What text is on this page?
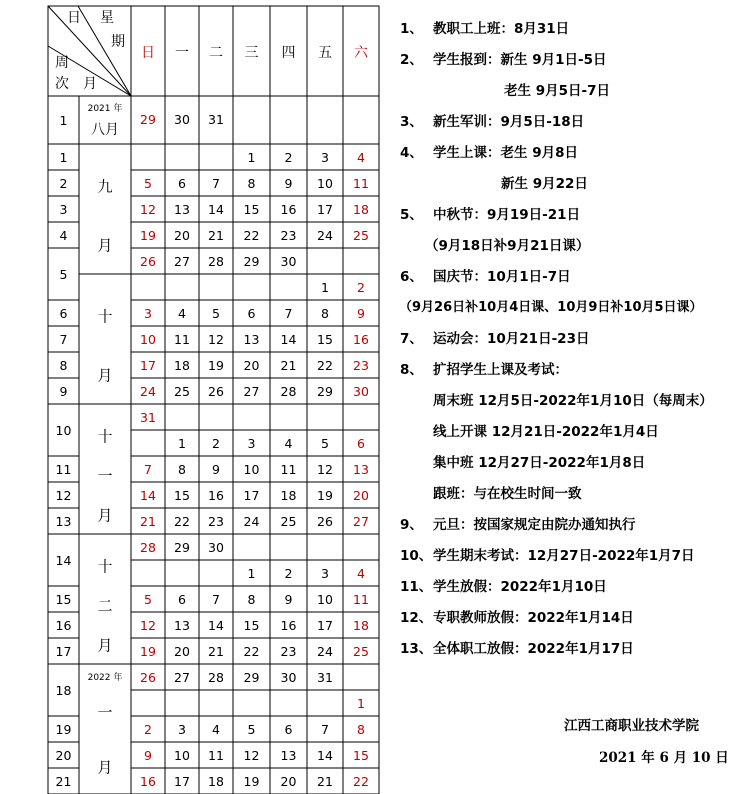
日 星
期
周
次 月
日 一 二 三 四 五 六
1
1
2
3
4
5
6
7
8
9
10
11
12
13
14
15
16
17
18
19
20
21
2021 年
八月
九
月
十
月
十
一
月
十
二
月
2022 年
一
月
29 30 31
1 2 3 4
5 6 7 8 9 10 11
12 13 14 15 16 17 18
19 20 21 22 23 24 25
26 27 28 29 30
1 2
3 4 5 6 7 8 9
10 11 12 13 14 15 16
17 18 19 20 21 22 23
24 25 26 27 28 29 30
31
1 2 3 4 5 6
7 8 9 10 11 12 13
14 15 16 17 18 19 20
21 22 23 24 25 26 27
28 29 30
1 2 3 4
5 6 7 8 9 10 11
12 13 14 15 16 17 18
19 20 21 22 23 24 25
26 27 28 29 30 31
1
2 3 4 5 6 7 8
9 10 11 12 13 14 15
16 17 18 19 20 21 22
1、 教职工上班：8月31日
2、 学生报到：新生 9月1日-5日
老生 9月5日-7日
3、 新生军训：9月5日-18日
4、 学生上课：老生 9月8日
新生 9月22日
5、 中秋节：9月19日-21日
（9月18日补9月21日课）
6、 国庆节：10月1日-7日
（9月26日补10月4日课、10月9日补10月5日课）
7、 运动会：10月21日-23日
8、 扩招学生上课及考试：
周末班 12月5日-2022年1月10日（每周末）
线上开课 12月21日-2022年1月4日
集中班 12月27日-2022年1月8日
跟班：与在校生时间一致
9、 元旦：按国家规定由院办通知执行
10、学生期末考试：12月27日-2022年1月7日
11、学生放假：2022年1月10日
12、专职教师放假：2022年1月14日
13、全体职工放假：2022年1月17日
江西工商职业技术学院
2021 年 6 月 10 日
